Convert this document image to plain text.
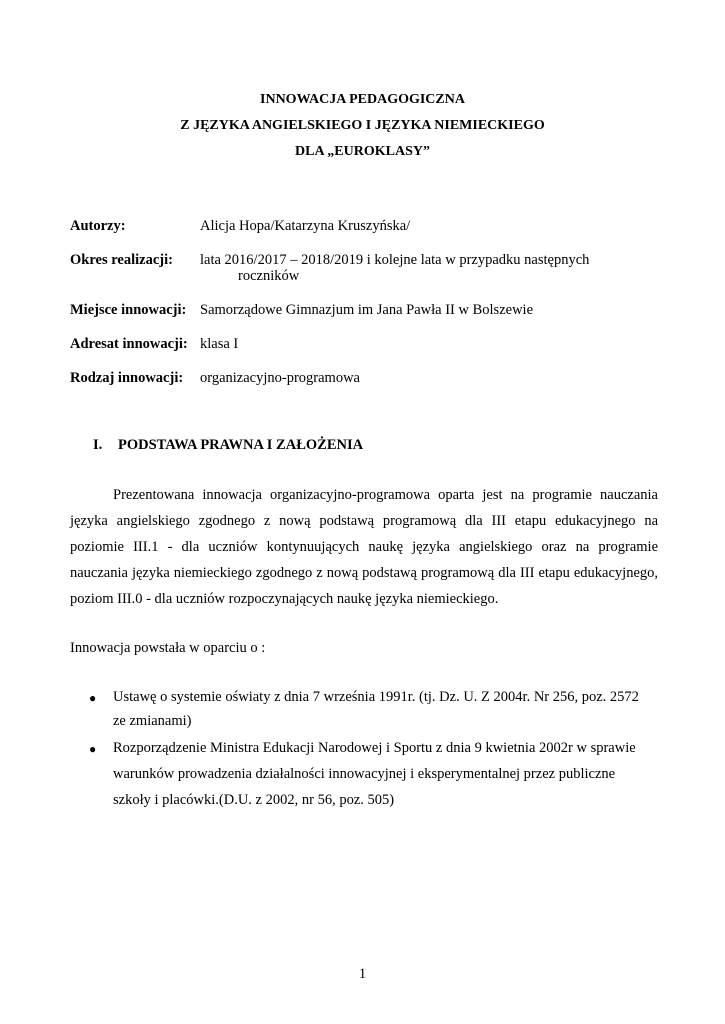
INNOWACJA PEDAGOGICZNA
Z JĘZYKA ANGIELSKIEGO I JĘZYKA NIEMIECKIEGO
DLA „EUROKLASY”
Autorzy:	Alicja Hopa/Katarzyna Kruszyńska/
Okres realizacji: lata 2016/2017 – 2018/2019 i kolejne lata w przypadku następnych
roczników
Miejsce innowacji: Samorządowe Gimnazjum im Jana Pawła II w Bolszewie
Adresat innowacji: klasa I
Rodzaj innowacji: organizacyjno-programowa
I. PODSTAWA PRAWNA I ZAŁOŻENIA
Prezentowana innowacja organizacyjno-programowa oparta jest na programie nauczania
języka angielskiego zgodnego z nową podstawą programową dla III etapu edukacyjnego na
poziomie III.1 - dla uczniów kontynuujących naukę języka angielskiego oraz na programie
nauczania języka niemieckiego zgodnego z nową podstawą programową dla III etapu edukacyjnego,
poziom III.0 - dla uczniów rozpoczynających naukę języka niemieckiego.
Innowacja powstała w oparciu o :
● Ustawę o systemie oświaty z dnia 7 września 1991r. (tj. Dz. U. Z 2004r. Nr 256, poz. 2572
ze zmianami)
● Rozporządzenie Ministra Edukacji Narodowej i Sportu z dnia 9 kwietnia 2002r w sprawie
warunków prowadzenia działalności innowacyjnej i eksperymentalnej przez publiczne
szkoły i placówki.(D.U. z 2002, nr 56, poz. 505)
1
